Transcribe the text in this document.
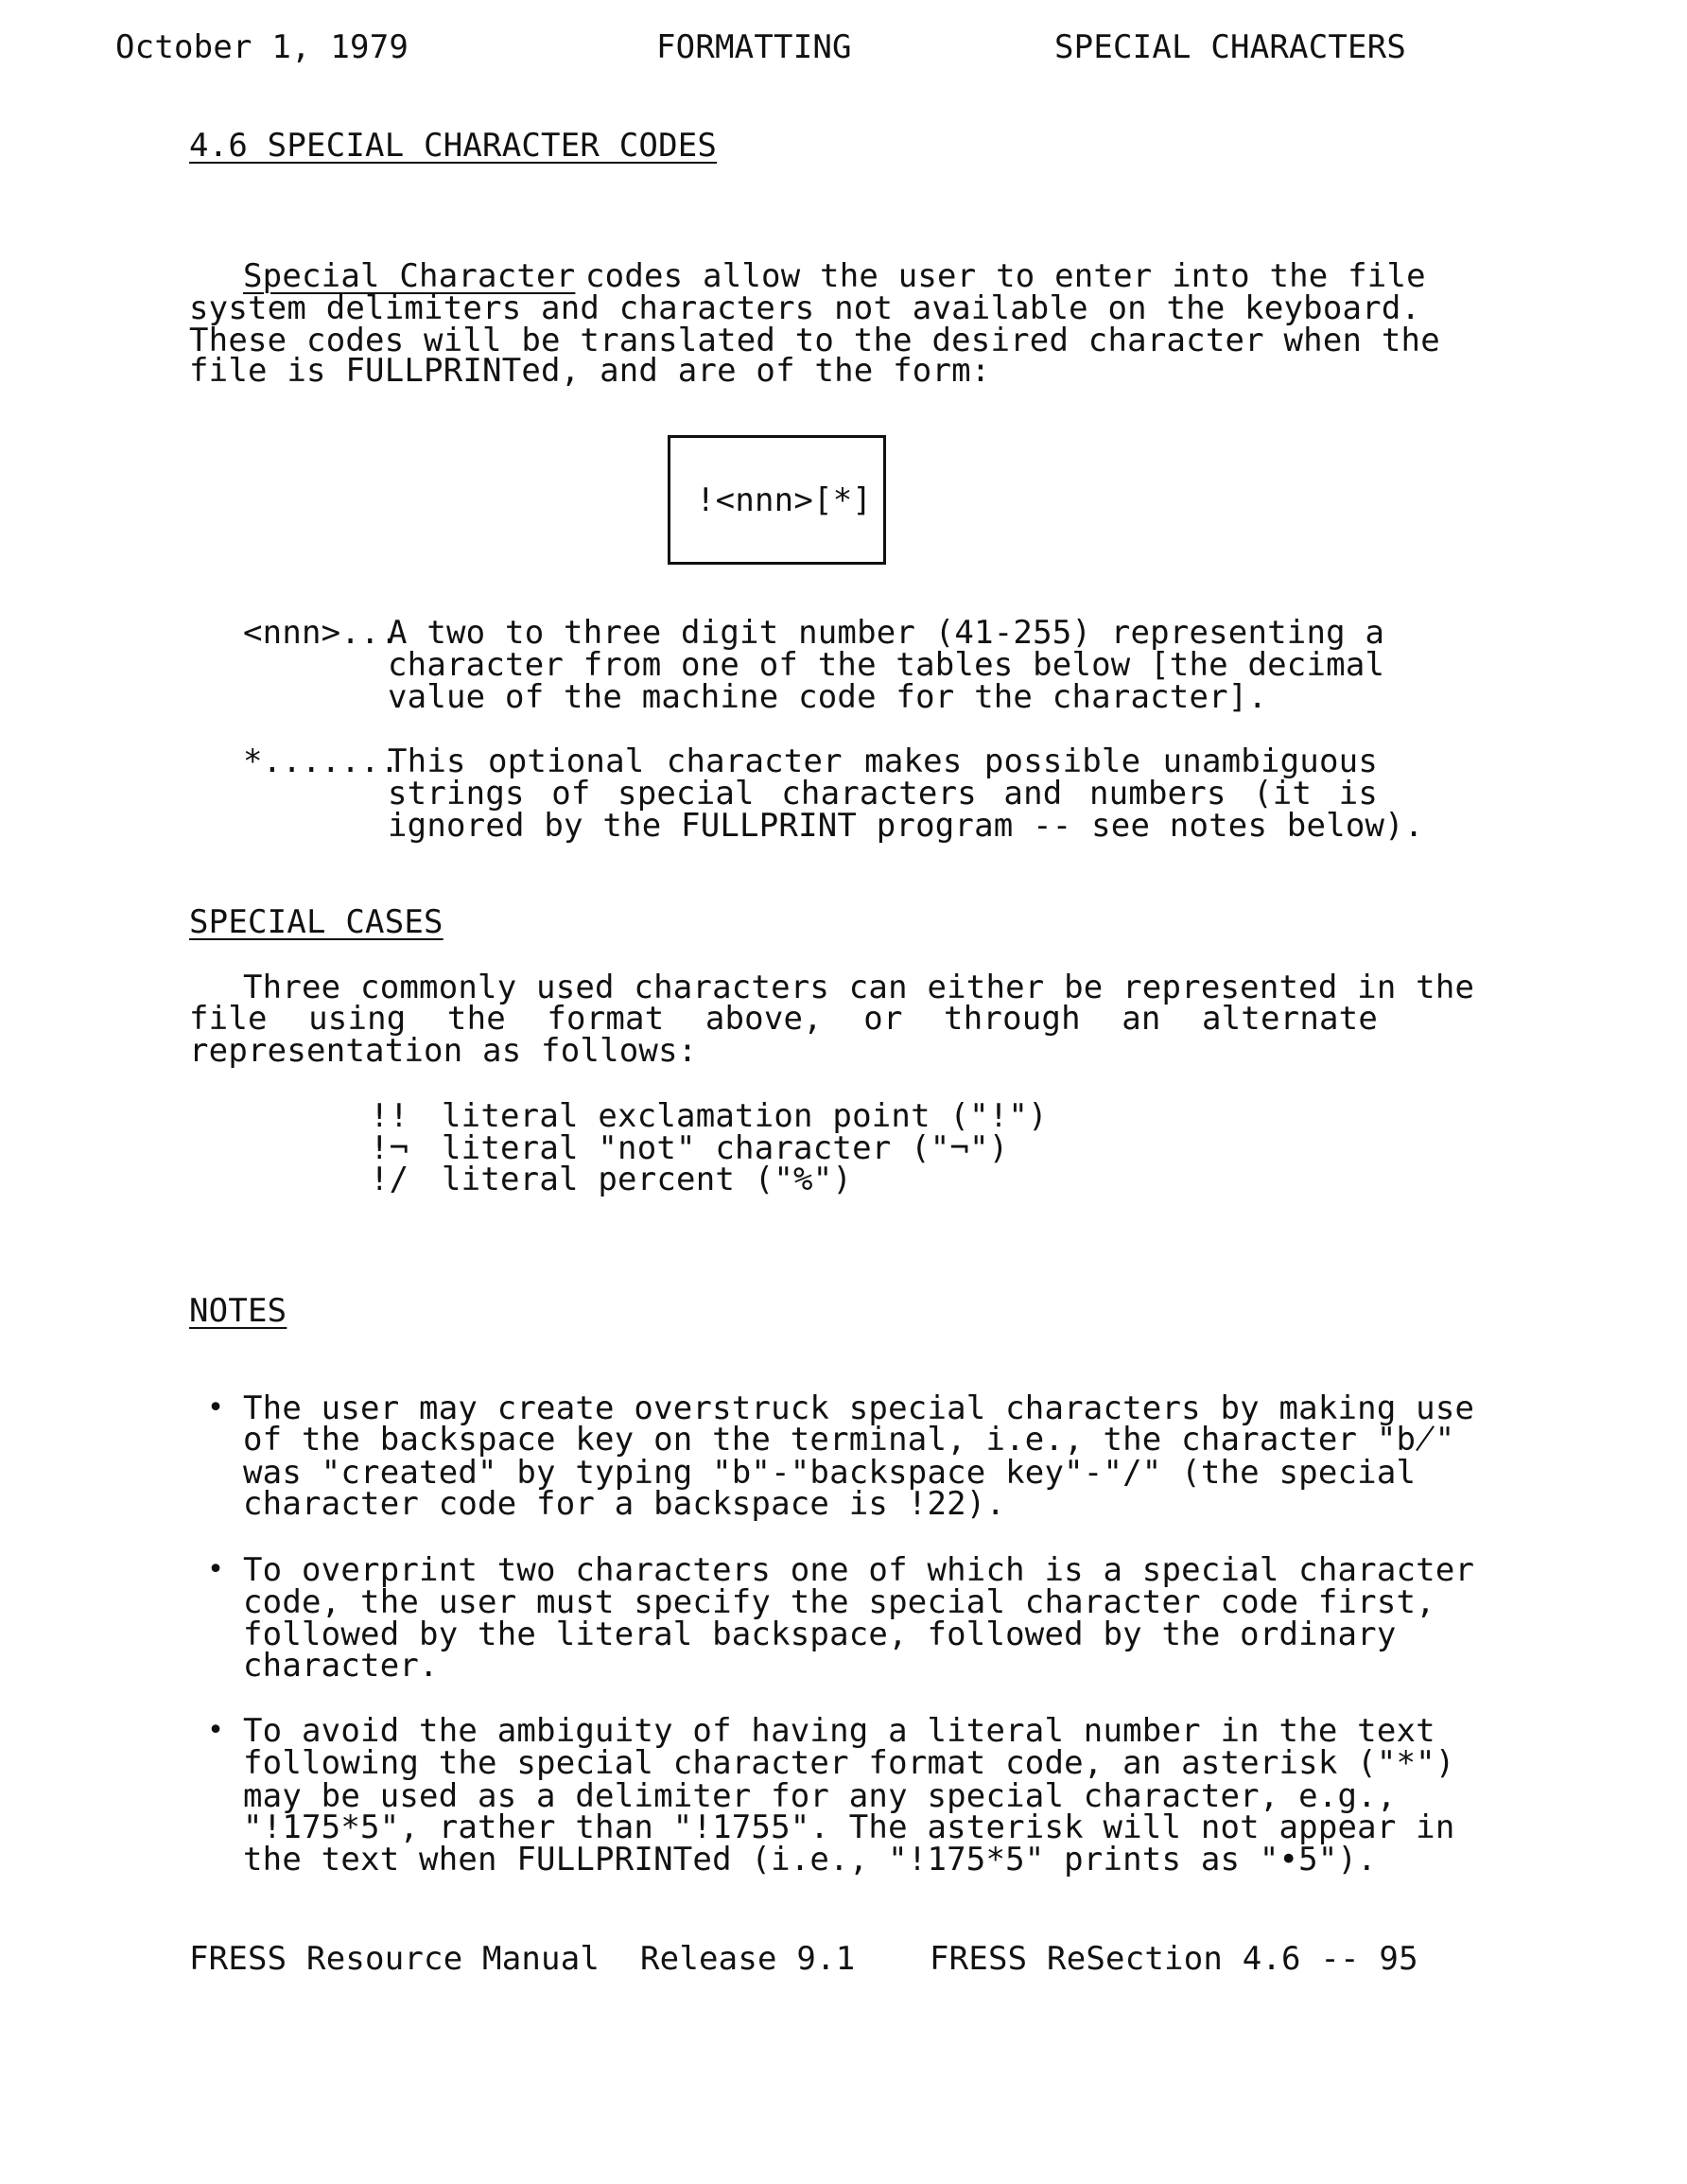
October 1, 1979	FORMATTING	SPECIAL CHARACTERS
4.6 SPECIAL CHARACTER CODES
Special Character codes allow the user to enter into the file
system delimiters and characters not available on the keyboard.
These codes will be translated to the desired character when the
file is FULLPRINTed, and are of the form:
!<nnn>[*]
<nnn>...
A two to three digit number (41-255) representing a
character from one of the tables below [the decimal
value of the machine code for the character].
*.......
This optional character makes possible unambiguous
strings of special characters and numbers (it is
ignored by the FULLPRINT program -- see notes below).
SPECIAL CASES
Three commonly used characters can either be represented in the
file using the format above, or through an alternate
representation as follows:
!! literal exclamation point ("!")
!¬ literal "not" character ("¬")
!/ literal percent ("%")
NOTES
• The user may create overstruck special characters by making use
of the backspace key on the terminal, i.e., the character "b̸"
was "created" by typing "b"-"backspace key"-"/" (the special
character code for a backspace is !22).
• To overprint two characters one of which is a special character
code, the user must specify the special character code first,
followed by the literal backspace, followed by the ordinary
character.
• To avoid the ambiguity of having a literal number in the text
following the special character format code, an asterisk ("*")
may be used as a delimiter for any special character, e.g.,
"!175*5", rather than "!1755". The asterisk will not appear in
the text when FULLPRINTed (i.e., "!175*5" prints as "•5").
FRESS Resource Manual Release 9.1 FRESS ReSection 4.6 -- 95
